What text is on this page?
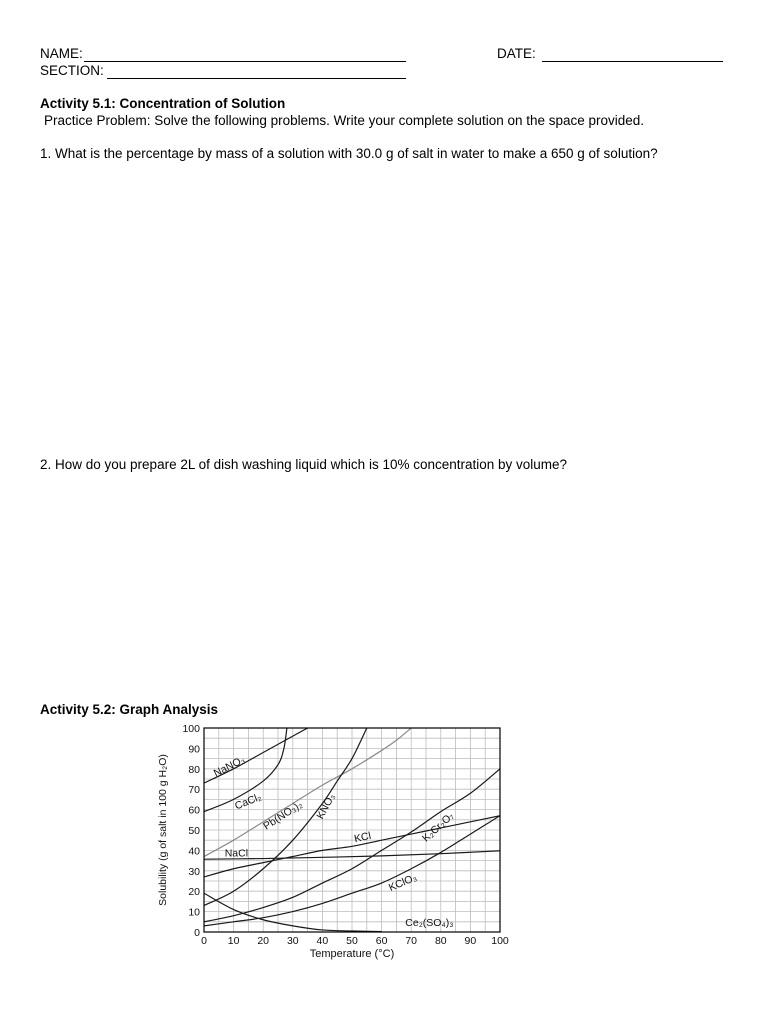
NAME:	DATE:
SECTION:
Activity 5.1: Concentration of Solution
Practice Problem: Solve the following problems. Write your complete solution on the space provided.
1. What is the percentage by mass of a solution with 30.0 g of salt in water to make a 650 g of solution?
2. How do you prepare 2L of dish washing liquid which is 10% concentration by volume?
Activity 5.2: Graph Analysis
0 10 20 30 40 50 60 70 80 90 100
0
10
20
30
40
50
60
70
80
90
100
NaNO₃
CaCl₂
Pb(NO₃)₂ KNO₃
KCl
NaCl
K₂Cr₂O₇
KClO₃
Ce₂(SO₄)₃
Temperature (°C)
Solubility (g of salt in 100 g H₂O)
